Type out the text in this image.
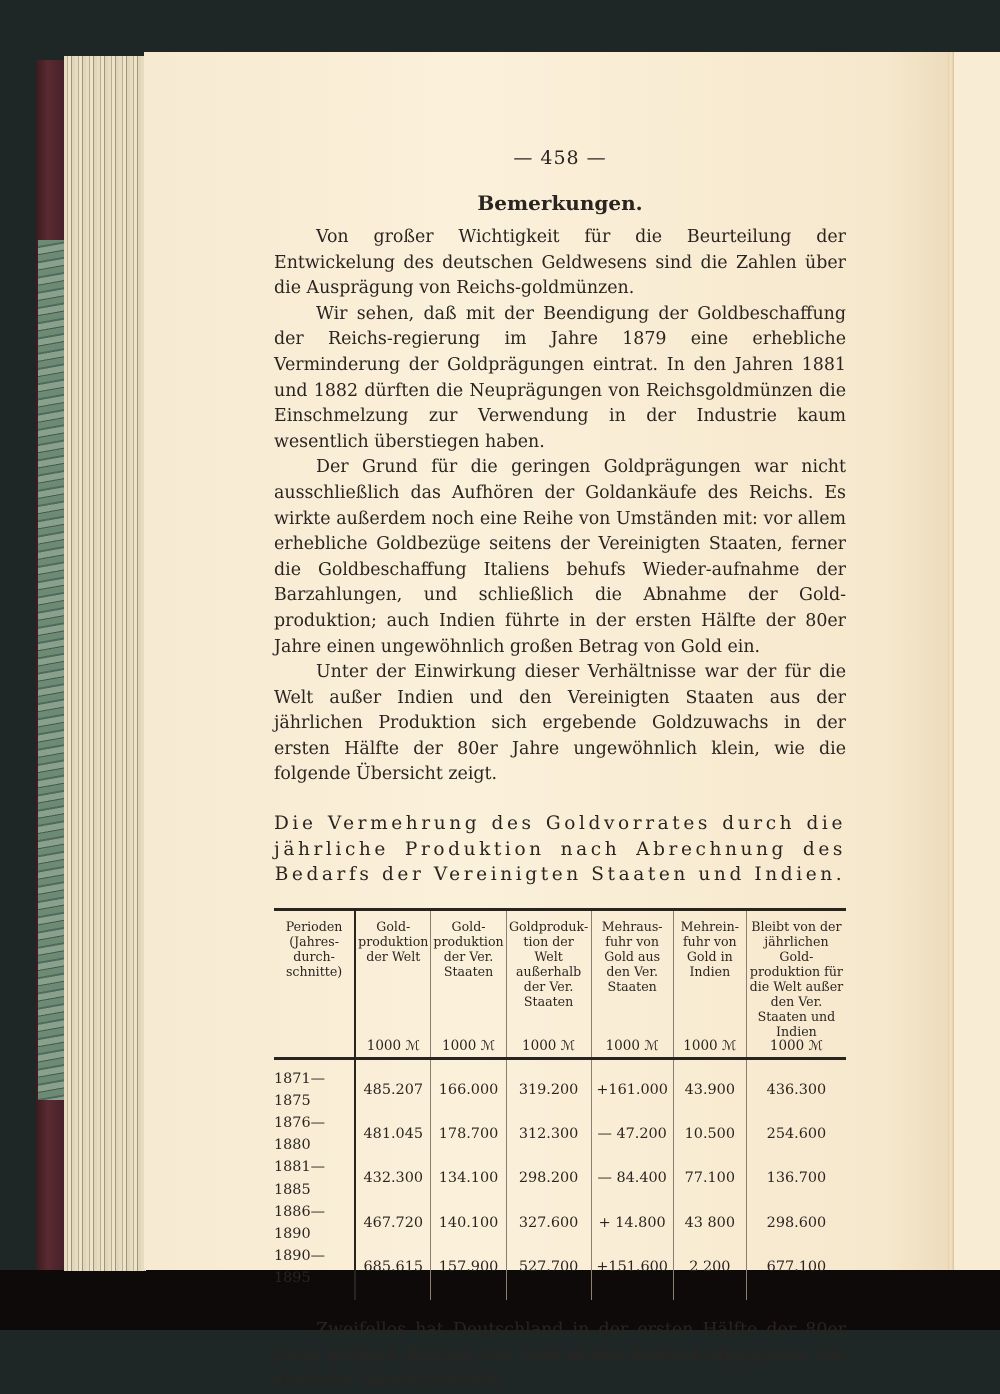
— 458 —
Bemerkungen.

Von großer Wichtigkeit für die Beurteilung der Entwickelung des deutschen Geldwesens sind die Zahlen über die Ausprägung von Reichs-goldmünzen.

Wir sehen, daß mit der Beendigung der Goldbeschaffung der Reichs-regierung im Jahre 1879 eine erhebliche Verminderung der Goldprägungen eintrat. In den Jahren 1881 und 1882 dürften die Neuprägungen von Reichsgoldmünzen die Einschmelzung zur Verwendung in der Industrie kaum wesentlich überstiegen haben.

Der Grund für die geringen Goldprägungen war nicht ausschließlich das Aufhören der Goldankäufe des Reichs. Es wirkte außerdem noch eine Reihe von Umständen mit: vor allem erhebliche Goldbezüge seitens der Vereinigten Staaten, ferner die Goldbeschaffung Italiens behufs Wieder-aufnahme der Barzahlungen, und schließlich die Abnahme der Gold-produktion; auch Indien führte in der ersten Hälfte der 80er Jahre einen ungewöhnlich großen Betrag von Gold ein.

Unter der Einwirkung dieser Verhältnisse war der für die Welt außer Indien und den Vereinigten Staaten aus der jährlichen Produktion sich ergebende Goldzuwachs in der ersten Hälfte der 80er Jahre ungewöhnlich klein, wie die folgende Übersicht zeigt.

Die Vermehrung des Goldvorrates durch die jährliche Produktion nach Abrechnung des Bedarfs der Vereinigten Staaten und Indien.
Perioden (Jahres-durch-schnitte)	Gold-produktion der Welt	Gold-produktion der Ver. Staaten	Goldproduk-tion der Welt außerhalb der Ver. Staaten	Mehraus-fuhr von Gold aus den Ver. Staaten	Mehrein-fuhr von Gold in Indien	Bleibt von der jährlichen Gold-produktion für die Welt außer den Ver. Staaten und Indien
	1000 ℳ	1000 ℳ	1000 ℳ	1000 ℳ	1000 ℳ	1000 ℳ
1871—1875	485.207	166.000	319.200	+161.000	43.900	436.300
1876—1880	481.045	178.700	312.300	— 47.200	10.500	254.600
1881—1885	432.300	134.100	298.200	— 84.400	77.100	136.700
1886—1890	467.720	140.100	327.600	+ 14.800	43 800	298.600
1890—1895	685.615	157.900	527.700	+151.600	2 200	677.100

Zweifellos hat Deutschland in der ersten Hälfte der 80er Jahre größere Beträge von Gold an das Ausland abgegeben. Die deutsche Handelsstatistik
